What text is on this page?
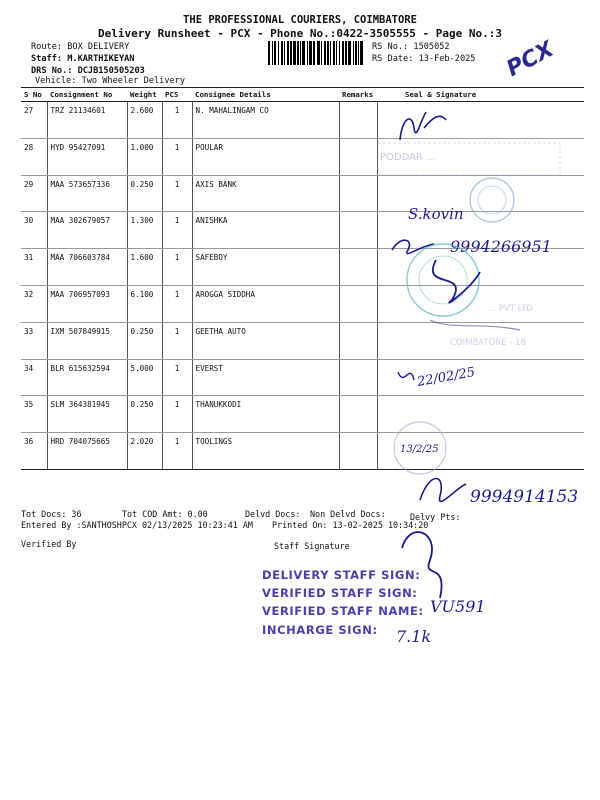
THE PROFESSIONAL COURIERS, COIMBATORE
Delivery Runsheet - PCX - Phone No.:0422-3505555 - Page No.:3
Route: BOX DELIVERY
Staff: M.KARTHIKEYAN
DRS No.: DCJB150505203
Vehicle: Two Wheeler Delivery
RS No.: 1505052
RS Date: 13-Feb-2025 PCX
S No	Consignment No	Weight	PCS	Consignee Details	Remarks	Seal & Signature
27	TRZ 21134601	2.600	1	N. MAHALINGAM CO		
28	HYD 95427091	1.000	1	POULAR		
29	MAA 573657336	0.250	1	AXIS BANK		
30	MAA 302679057	1.300	1	ANISHKA		
31	MAA 706603784	1.600	1	SAFEBOY		
32	MAA 706957093	6.100	1	AROGGA SIDDHA		
33	IXM 507849915	0.250	1	GEETHA AUTO		
34	BLR 615632594	5.000	1	EVERST		
35	SLM 364381945	0.250	1	THANUKKODI		
36	HRD 704075665	2.020	1	TOOLINGS		
PODDAR ...
S.kovin
9994266951
... PVT LTD
COIMBATORE - 18
22/02/25
13/2/25
9994914153
VU591
7.1k
Tot Docs: 36	Tot COD Amt: 0.00	Delvd Docs: Non Delvd Docs:	Delvy Pts:
Entered By :SANTHOSHPCX 02/13/2025 10:23:41 AM Printed On: 13-02-2025 10:34:20
Verified By	Staff Signature
DELIVERY STAFF SIGN:
VERIFIED STAFF SIGN:
VERIFIED STAFF NAME:
INCHARGE SIGN:
